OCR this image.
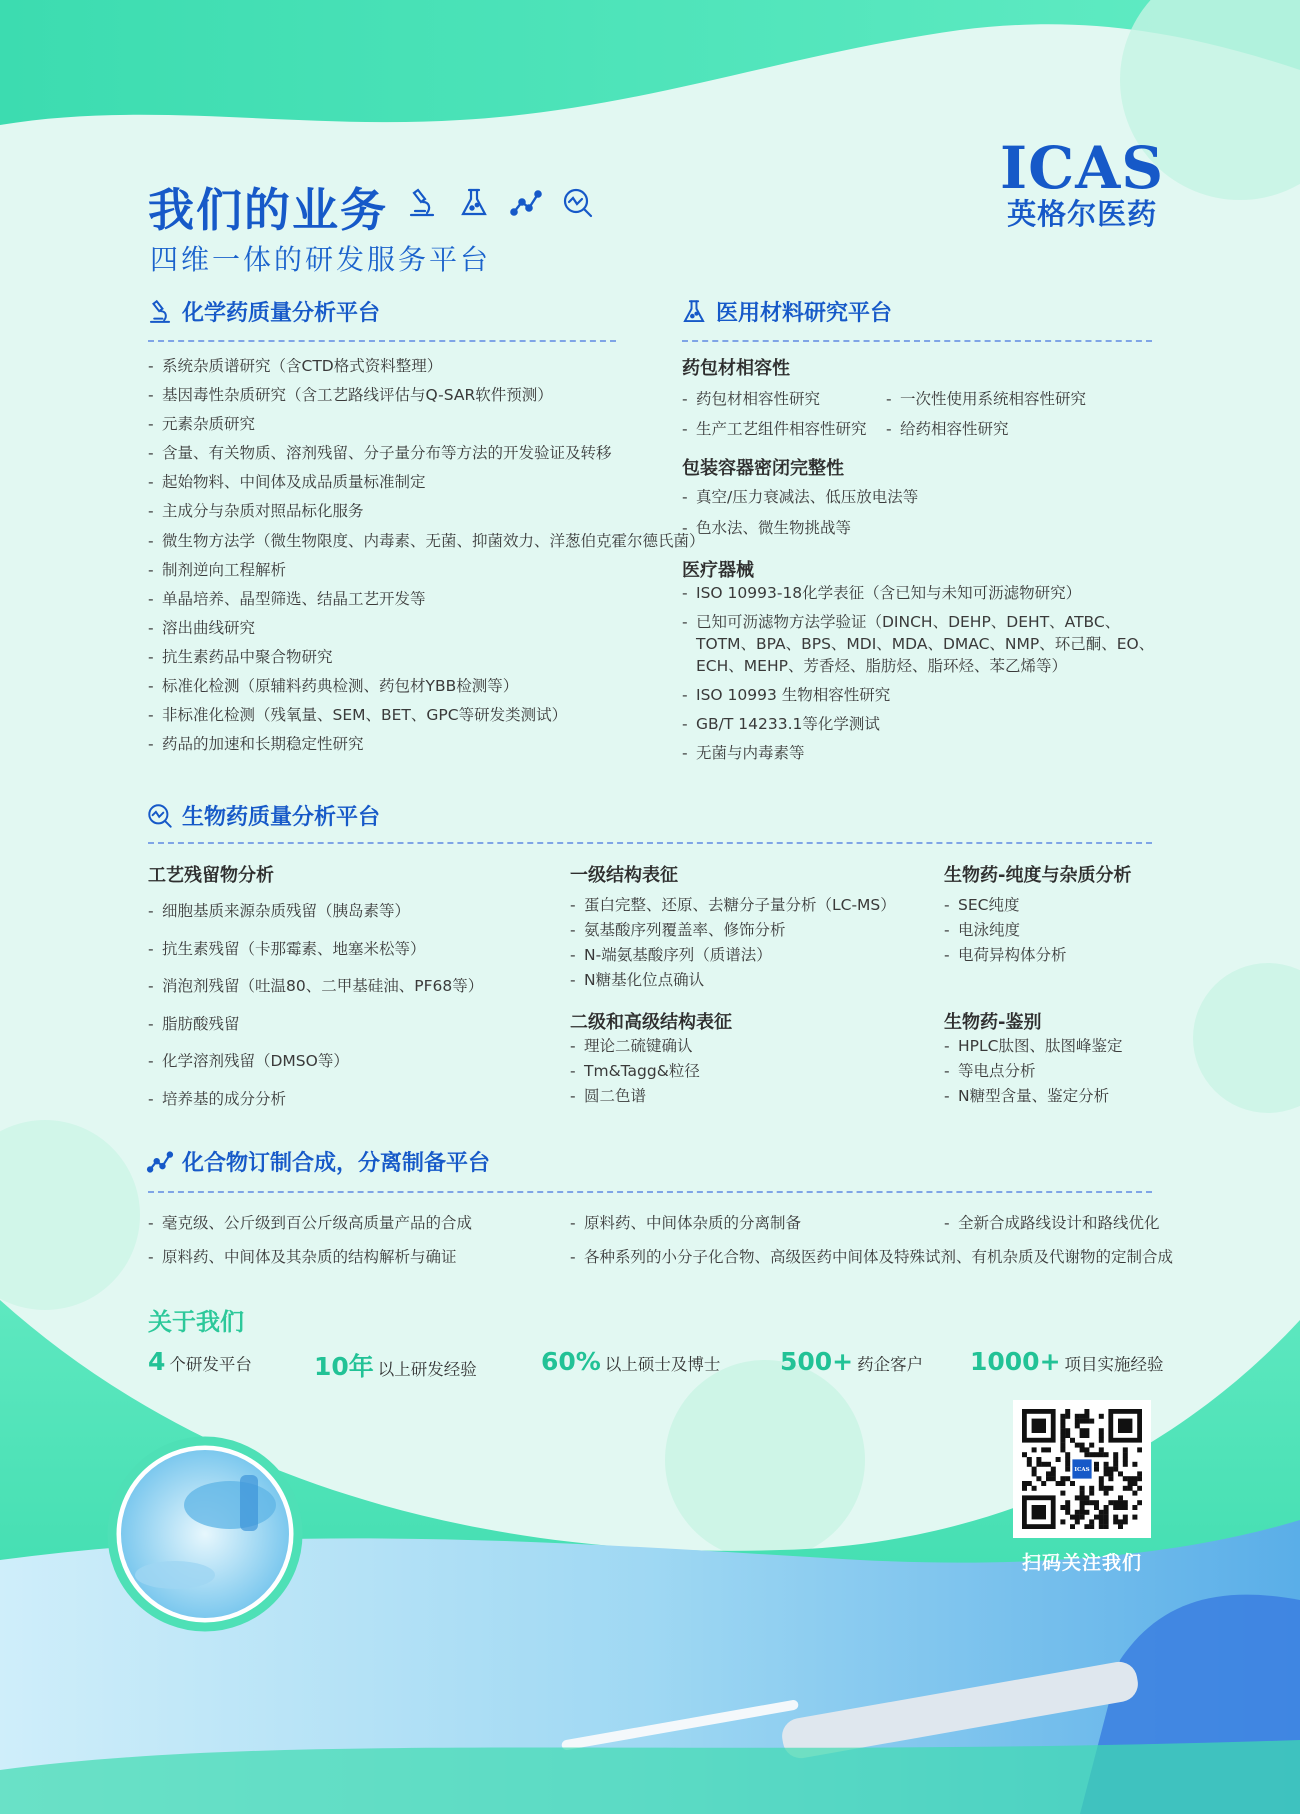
我们的业务
四维一体的研发服务平台
ICAS
英格尔医药
化学药质量分析平台
- 系统杂质谱研究（含CTD格式资料整理）
- 基因毒性杂质研究（含工艺路线评估与Q-SAR软件预测）
- 元素杂质研究
- 含量、有关物质、溶剂残留、分子量分布等方法的开发验证及转移
- 起始物料、中间体及成品质量标准制定
- 主成分与杂质对照品标化服务
- 微生物方法学（微生物限度、内毒素、无菌、抑菌效力、洋葱伯克霍尔德氏菌）
- 制剂逆向工程解析
- 单晶培养、晶型筛选、结晶工艺开发等
- 溶出曲线研究
- 抗生素药品中聚合物研究
- 标准化检测（原辅料药典检测、药包材YBB检测等）
- 非标准化检测（残氧量、SEM、BET、GPC等研发类测试）
- 药品的加速和长期稳定性研究
医用材料研究平台
药包材相容性
- 药包材相容性研究
- 生产工艺组件相容性研究
- 一次性使用系统相容性研究
- 给药相容性研究
包装容器密闭完整性
- 真空/压力衰减法、低压放电法等
- 色水法、微生物挑战等
医疗器械
- ISO 10993-18化学表征（含已知与未知可沥滤物研究）
- 已知可沥滤物方法学验证（DINCH、DEHP、DEHT、ATBC、TOTM、BPA、BPS、MDI、MDA、DMAC、NMP、环己酮、EO、ECH、MEHP、芳香烃、脂肪烃、脂环烃、苯乙烯等）
- ISO 10993 生物相容性研究
- GB/T 14233.1等化学测试
- 无菌与内毒素等
生物药质量分析平台
工艺残留物分析
- 细胞基质来源杂质残留（胰岛素等）
- 抗生素残留（卡那霉素、地塞米松等）
- 消泡剂残留（吐温80、二甲基硅油、PF68等）
- 脂肪酸残留
- 化学溶剂残留（DMSO等）
- 培养基的成分分析
一级结构表征
- 蛋白完整、还原、去糖分子量分析（LC-MS）
- 氨基酸序列覆盖率、修饰分析
- N-端氨基酸序列（质谱法）
- N糖基化位点确认
二级和高级结构表征
- 理论二硫键确认
- Tm&Tagg&粒径
- 圆二色谱
生物药-纯度与杂质分析
- SEC纯度
- 电泳纯度
- 电荷异构体分析
生物药-鉴别
- HPLC肽图、肽图峰鉴定
- 等电点分析
- N糖型含量、鉴定分析
化合物订制合成，分离制备平台
- 毫克级、公斤级到百公斤级高质量产品的合成
- 原料药、中间体及其杂质的结构解析与确证
- 原料药、中间体杂质的分离制备
- 各种系列的小分子化合物、高级医药中间体及特殊试剂、有机杂质及代谢物的定制合成
- 全新合成路线设计和路线优化
关于我们
4 个研发平台 10年 以上研发经验	60% 以上硕士及博士 500+ 药企客户 1000+ 项目实施经验
ICAS
扫码关注我们
